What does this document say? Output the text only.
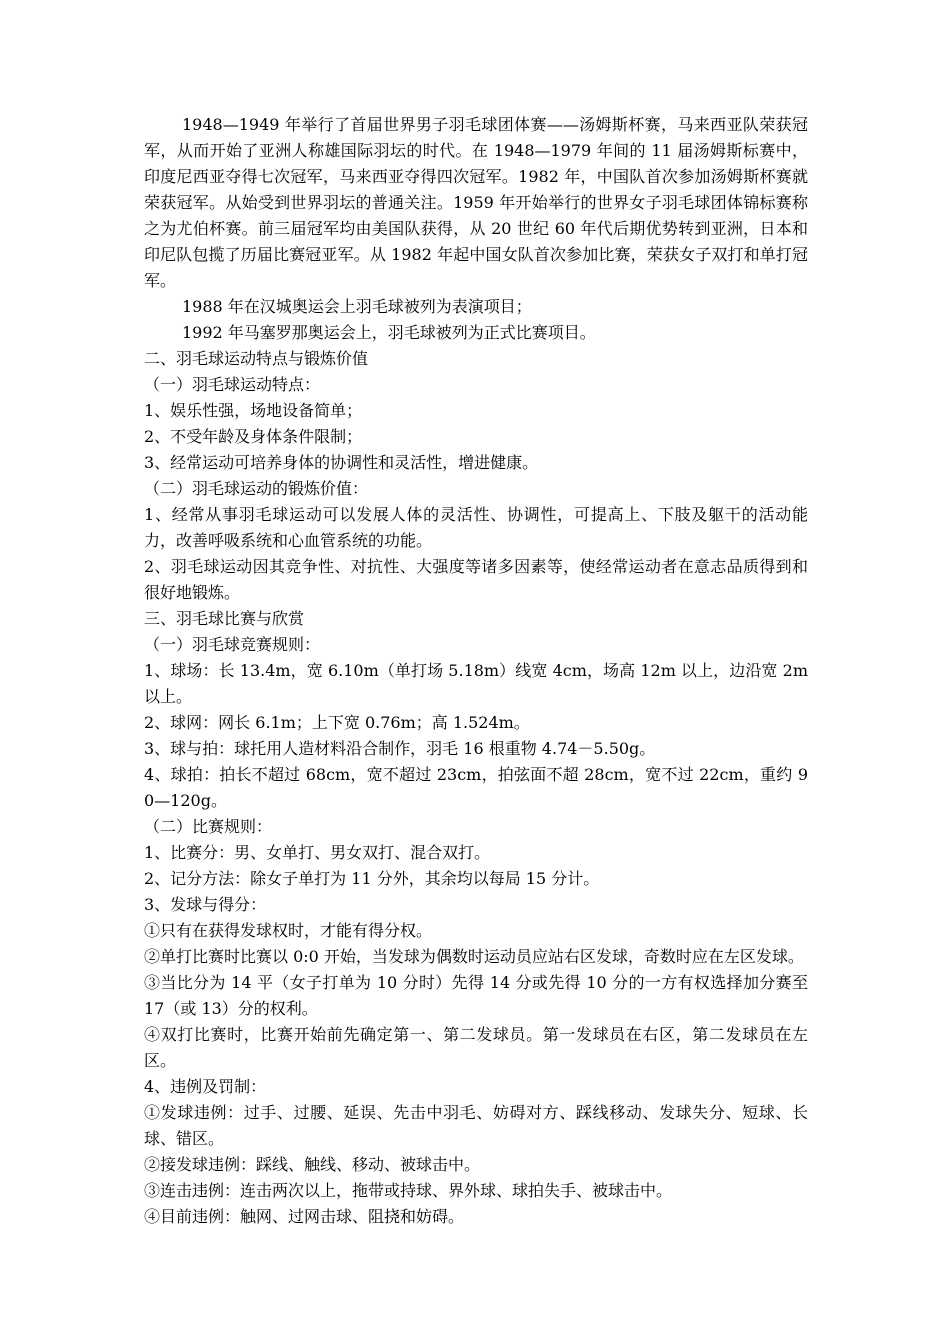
1948—1949 年举行了首届世界男子羽毛球团体赛——汤姆斯杯赛，马来西亚队荣获冠军，从而开始了亚洲人称雄国际羽坛的时代。在 1948—1979 年间的 11 届汤姆斯标赛中，印度尼西亚夺得七次冠军，马来西亚夺得四次冠军。1982 年，中国队首次参加汤姆斯杯赛就荣获冠军。从始受到世界羽坛的普通关注。1959 年开始举行的世界女子羽毛球团体锦标赛称之为尤伯杯赛。前三届冠军均由美国队获得，从 20 世纪 60 年代后期优势转到亚洲，日本和印尼队包揽了历届比赛冠亚军。从 1982 年起中国女队首次参加比赛，荣获女子双打和单打冠军。

1988 年在汉城奥运会上羽毛球被列为表演项目；

1992 年马塞罗那奥运会上，羽毛球被列为正式比赛项目。

二、羽毛球运动特点与锻炼价值

（一）羽毛球运动特点：

1、娱乐性强，场地设备简单；

2、不受年龄及身体条件限制；

3、经常运动可培养身体的协调性和灵活性，增进健康。

（二）羽毛球运动的锻炼价值：

1、经常从事羽毛球运动可以发展人体的灵活性、协调性，可提高上、下肢及躯干的活动能力，改善呼吸系统和心血管系统的功能。

2、羽毛球运动因其竞争性、对抗性、大强度等诸多因素等，使经常运动者在意志品质得到和很好地锻炼。

三、羽毛球比赛与欣赏

（一）羽毛球竞赛规则：

1、球场：长 13.4m，宽 6.10m（单打场 5.18m）线宽 4cm，场高 12m 以上，边沿宽 2m 以上。

2、球网：网长 6.1m；上下宽 0.76m；高 1.524m。

3、球与拍：球托用人造材料沿合制作，羽毛 16 根重物 4.74－5.50g。

4、球拍：拍长不超过 68cm，宽不超过 23cm，拍弦面不超 28cm，宽不过 22cm，重约 90—120g。

（二）比赛规则：

1、比赛分：男、女单打、男女双打、混合双打。

2、记分方法：除女子单打为 11 分外，其余均以每局 15 分计。

3、发球与得分：

①只有在获得发球权时，才能有得分权。

②单打比赛时比赛以 0:0 开始，当发球为偶数时运动员应站右区发球，奇数时应在左区发球。

③当比分为 14 平（女子打单为 10 分时）先得 14 分或先得 10 分的一方有权选择加分赛至 17（或 13）分的权利。

④双打比赛时，比赛开始前先确定第一、第二发球员。第一发球员在右区，第二发球员在左区。

4、违例及罚制：

①发球违例：过手、过腰、延误、先击中羽毛、妨碍对方、踩线移动、发球失分、短球、长球、错区。

②接发球违例：踩线、触线、移动、被球击中。

③连击违例：连击两次以上，拖带或持球、界外球、球拍失手、被球击中。

④目前违例：触网、过网击球、阻挠和妨碍。
